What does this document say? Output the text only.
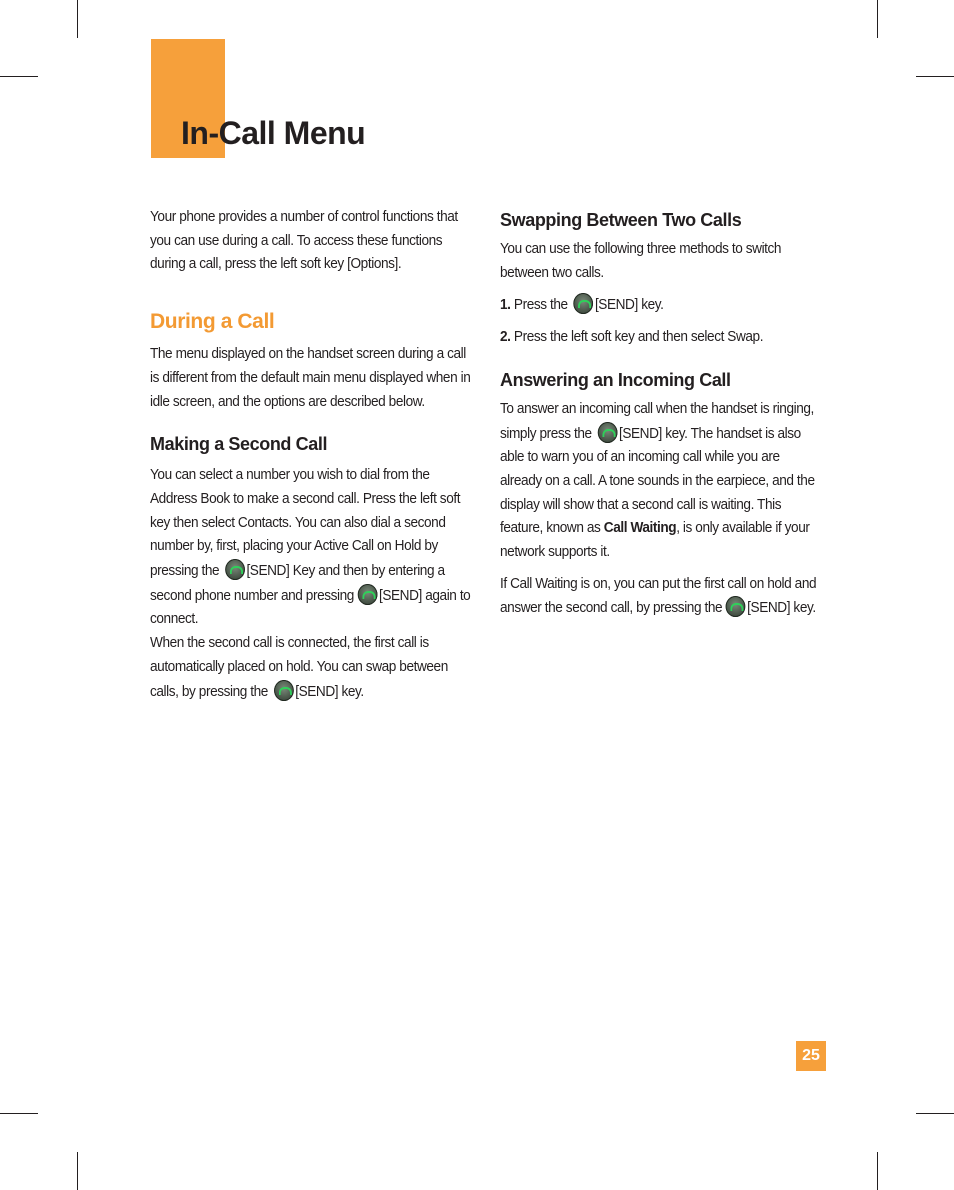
In-Call Menu

Your phone provides a number of control functions that you can use during a call. To access these functions during a call, press the left soft key [Options].

During a Call

The menu displayed on the handset screen during a call is different from the default main menu displayed when in idle screen, and the options are described below.

Making a Second Call

You can select a number you wish to dial from the Address Book to make a second call. Press the left soft key then select Contacts. You can also dial a second number by, first, placing your Active Call on Hold by pressing the [SEND] Key and then by entering a second phone number and pressing [SEND] again to connect.
When the second call is connected, the first call is automatically placed on hold. You can swap between calls, by pressing the [SEND] key.

Swapping Between Two Calls

You can use the following three methods to switch between two calls.

1. Press the [SEND] key.

2. Press the left soft key and then select Swap.

Answering an Incoming Call

To answer an incoming call when the handset is ringing, simply press the [SEND] key. The handset is also able to warn you of an incoming call while you are already on a call. A tone sounds in the earpiece, and the display will show that a second call is waiting. This feature, known as Call Waiting, is only available if your network supports it.

If Call Waiting is on, you can put the first call on hold and answer the second call, by pressing the [SEND] key.

25
